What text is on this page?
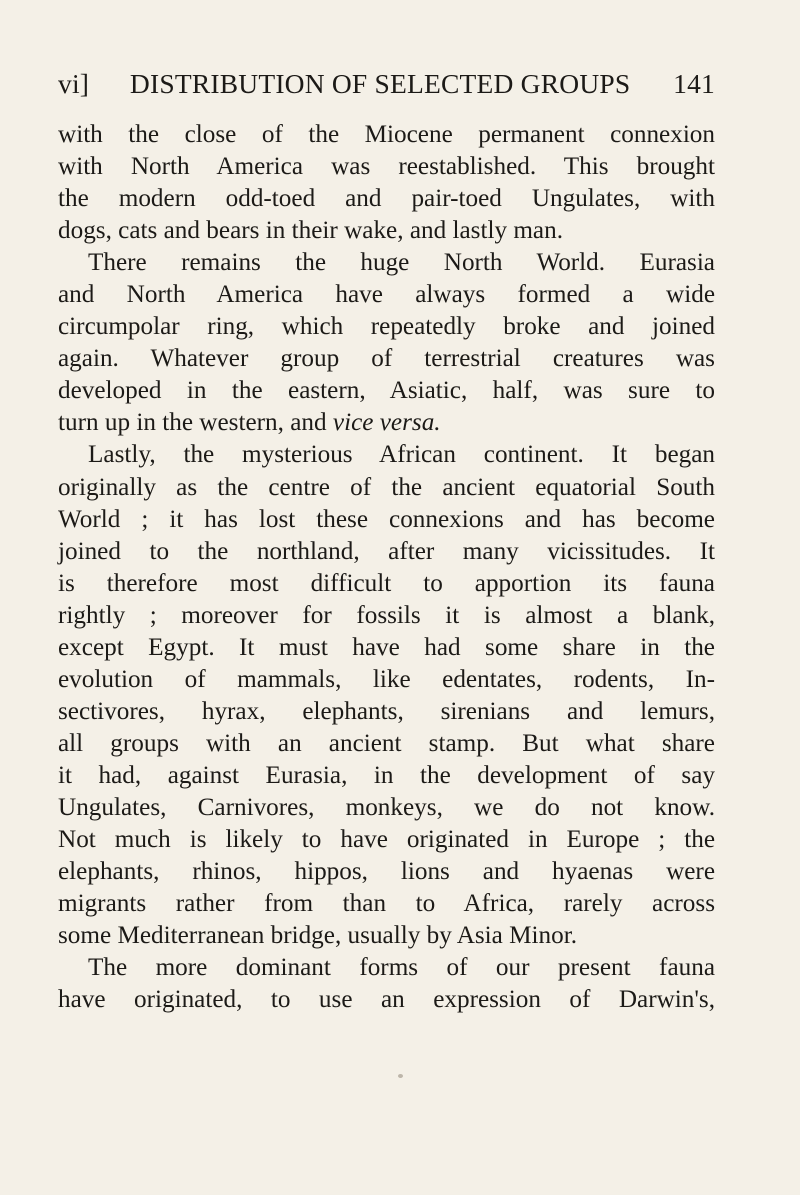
vi]	DISTRIBUTION OF SELECTED GROUPS	141
with the close of the Miocene permanent connexion
with North America was reestablished. This brought
the modern odd-toed and pair-toed Ungulates, with
dogs, cats and bears in their wake, and lastly man.
There remains the huge North World. Eurasia
and North America have always formed a wide
circumpolar ring, which repeatedly broke and joined
again. Whatever group of terrestrial creatures was
developed in the eastern, Asiatic, half, was sure to
turn up in the western, and vice versa.
Lastly, the mysterious African continent. It began
originally as the centre of the ancient equatorial South
World ; it has lost these connexions and has become
joined to the northland, after many vicissitudes. It
is therefore most difficult to apportion its fauna
rightly ; moreover for fossils it is almost a blank,
except Egypt. It must have had some share in the
evolution of mammals, like edentates, rodents, In-
sectivores, hyrax, elephants, sirenians and lemurs,
all groups with an ancient stamp. But what share
it had, against Eurasia, in the development of say
Ungulates, Carnivores, monkeys, we do not know.
Not much is likely to have originated in Europe ; the
elephants, rhinos, hippos, lions and hyaenas were
migrants rather from than to Africa, rarely across
some Mediterranean bridge, usually by Asia Minor.
The more dominant forms of our present fauna
have originated, to use an expression of Darwin's,
